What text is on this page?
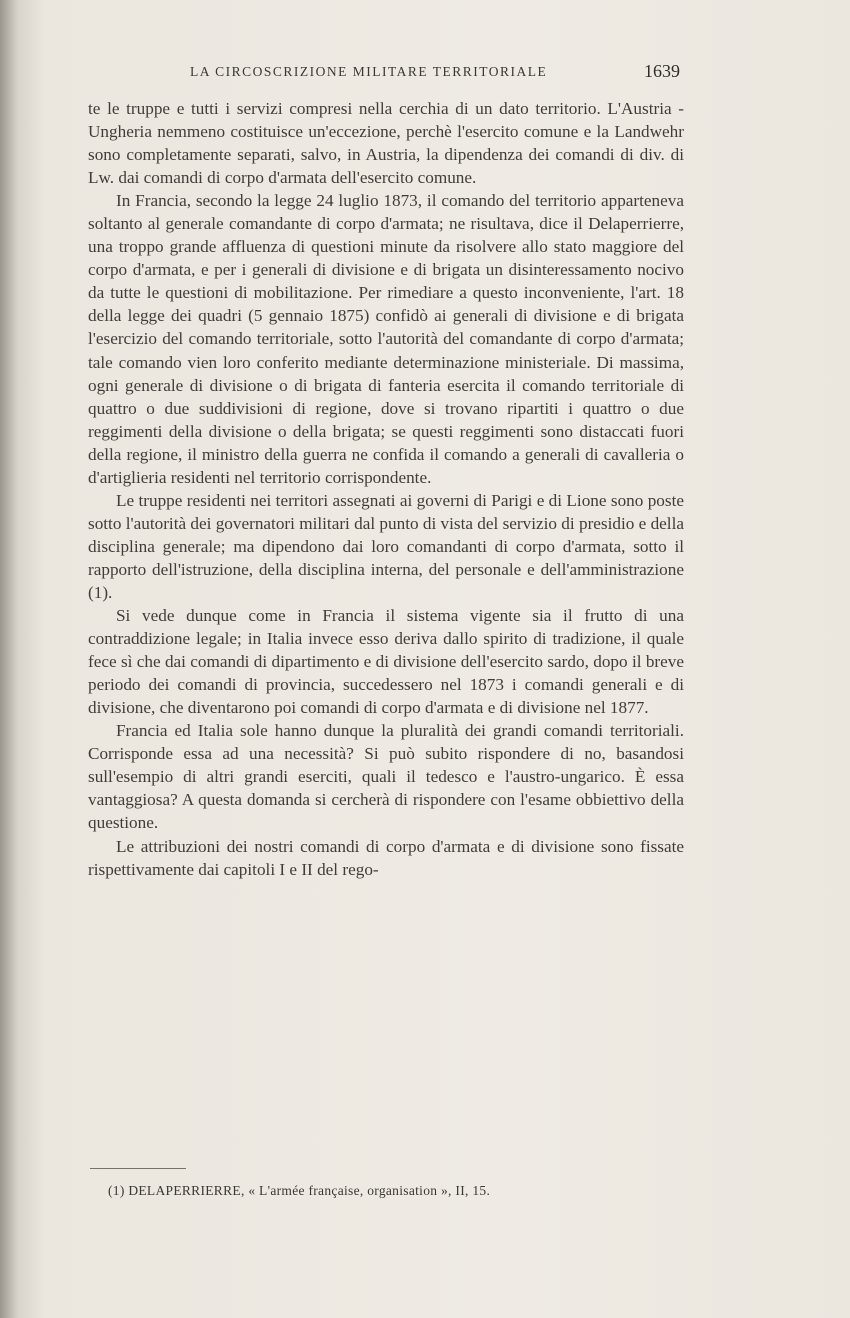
LA CIRCOSCRIZIONE MILITARE TERRITORIALE	1639

te le truppe e tutti i servizi compresi nella cerchia di un dato territorio. L'Austria - Ungheria nemmeno costituisce un'eccezione, perchè l'esercito comune e la Landwehr sono completamente separati, salvo, in Austria, la dipendenza dei comandi di div. di Lw. dai comandi di corpo d'armata dell'esercito comune.

In Francia, secondo la legge 24 luglio 1873, il comando del territorio apparteneva soltanto al generale comandante di corpo d'armata; ne risultava, dice il Delaperrierre, una troppo grande affluenza di questioni minute da risolvere allo stato maggiore del corpo d'armata, e per i generali di divisione e di brigata un disinteressamento nocivo da tutte le questioni di mobilitazione. Per rimediare a questo inconveniente, l'art. 18 della legge dei quadri (5 gennaio 1875) confidò ai generali di divisione e di brigata l'esercizio del comando territoriale, sotto l'autorità del comandante di corpo d'armata; tale comando vien loro conferito mediante determinazione ministeriale. Di massima, ogni generale di divisione o di brigata di fanteria esercita il comando territoriale di quattro o due suddivisioni di regione, dove si trovano ripartiti i quattro o due reggimenti della divisione o della brigata; se questi reggimenti sono distaccati fuori della regione, il ministro della guerra ne confida il comando a generali di cavalleria o d'artiglieria residenti nel territorio corrispondente.

Le truppe residenti nei territori assegnati ai governi di Parigi e di Lione sono poste sotto l'autorità dei governatori militari dal punto di vista del servizio di presidio e della disciplina generale; ma dipendono dai loro comandanti di corpo d'armata, sotto il rapporto dell'istruzione, della disciplina interna, del personale e dell'amministrazione (1).

Si vede dunque come in Francia il sistema vigente sia il frutto di una contraddizione legale; in Italia invece esso deriva dallo spirito di tradizione, il quale fece sì che dai comandi di dipartimento e di divisione dell'esercito sardo, dopo il breve periodo dei comandi di provincia, succedessero nel 1873 i comandi generali e di divisione, che diventarono poi comandi di corpo d'armata e di divisione nel 1877.

Francia ed Italia sole hanno dunque la pluralità dei grandi comandi territoriali. Corrisponde essa ad una necessità? Si può subito rispondere di no, basandosi sull'esempio di altri grandi eserciti, quali il tedesco e l'austro-ungarico. È essa vantaggiosa? A questa domanda si cercherà di rispondere con l'esame obbiettivo della questione.

Le attribuzioni dei nostri comandi di corpo d'armata e di divisione sono fissate rispettivamente dai capitoli I e II del rego-

(1) DELAPERRIERRE, « L'armée française, organisation », II, 15.
